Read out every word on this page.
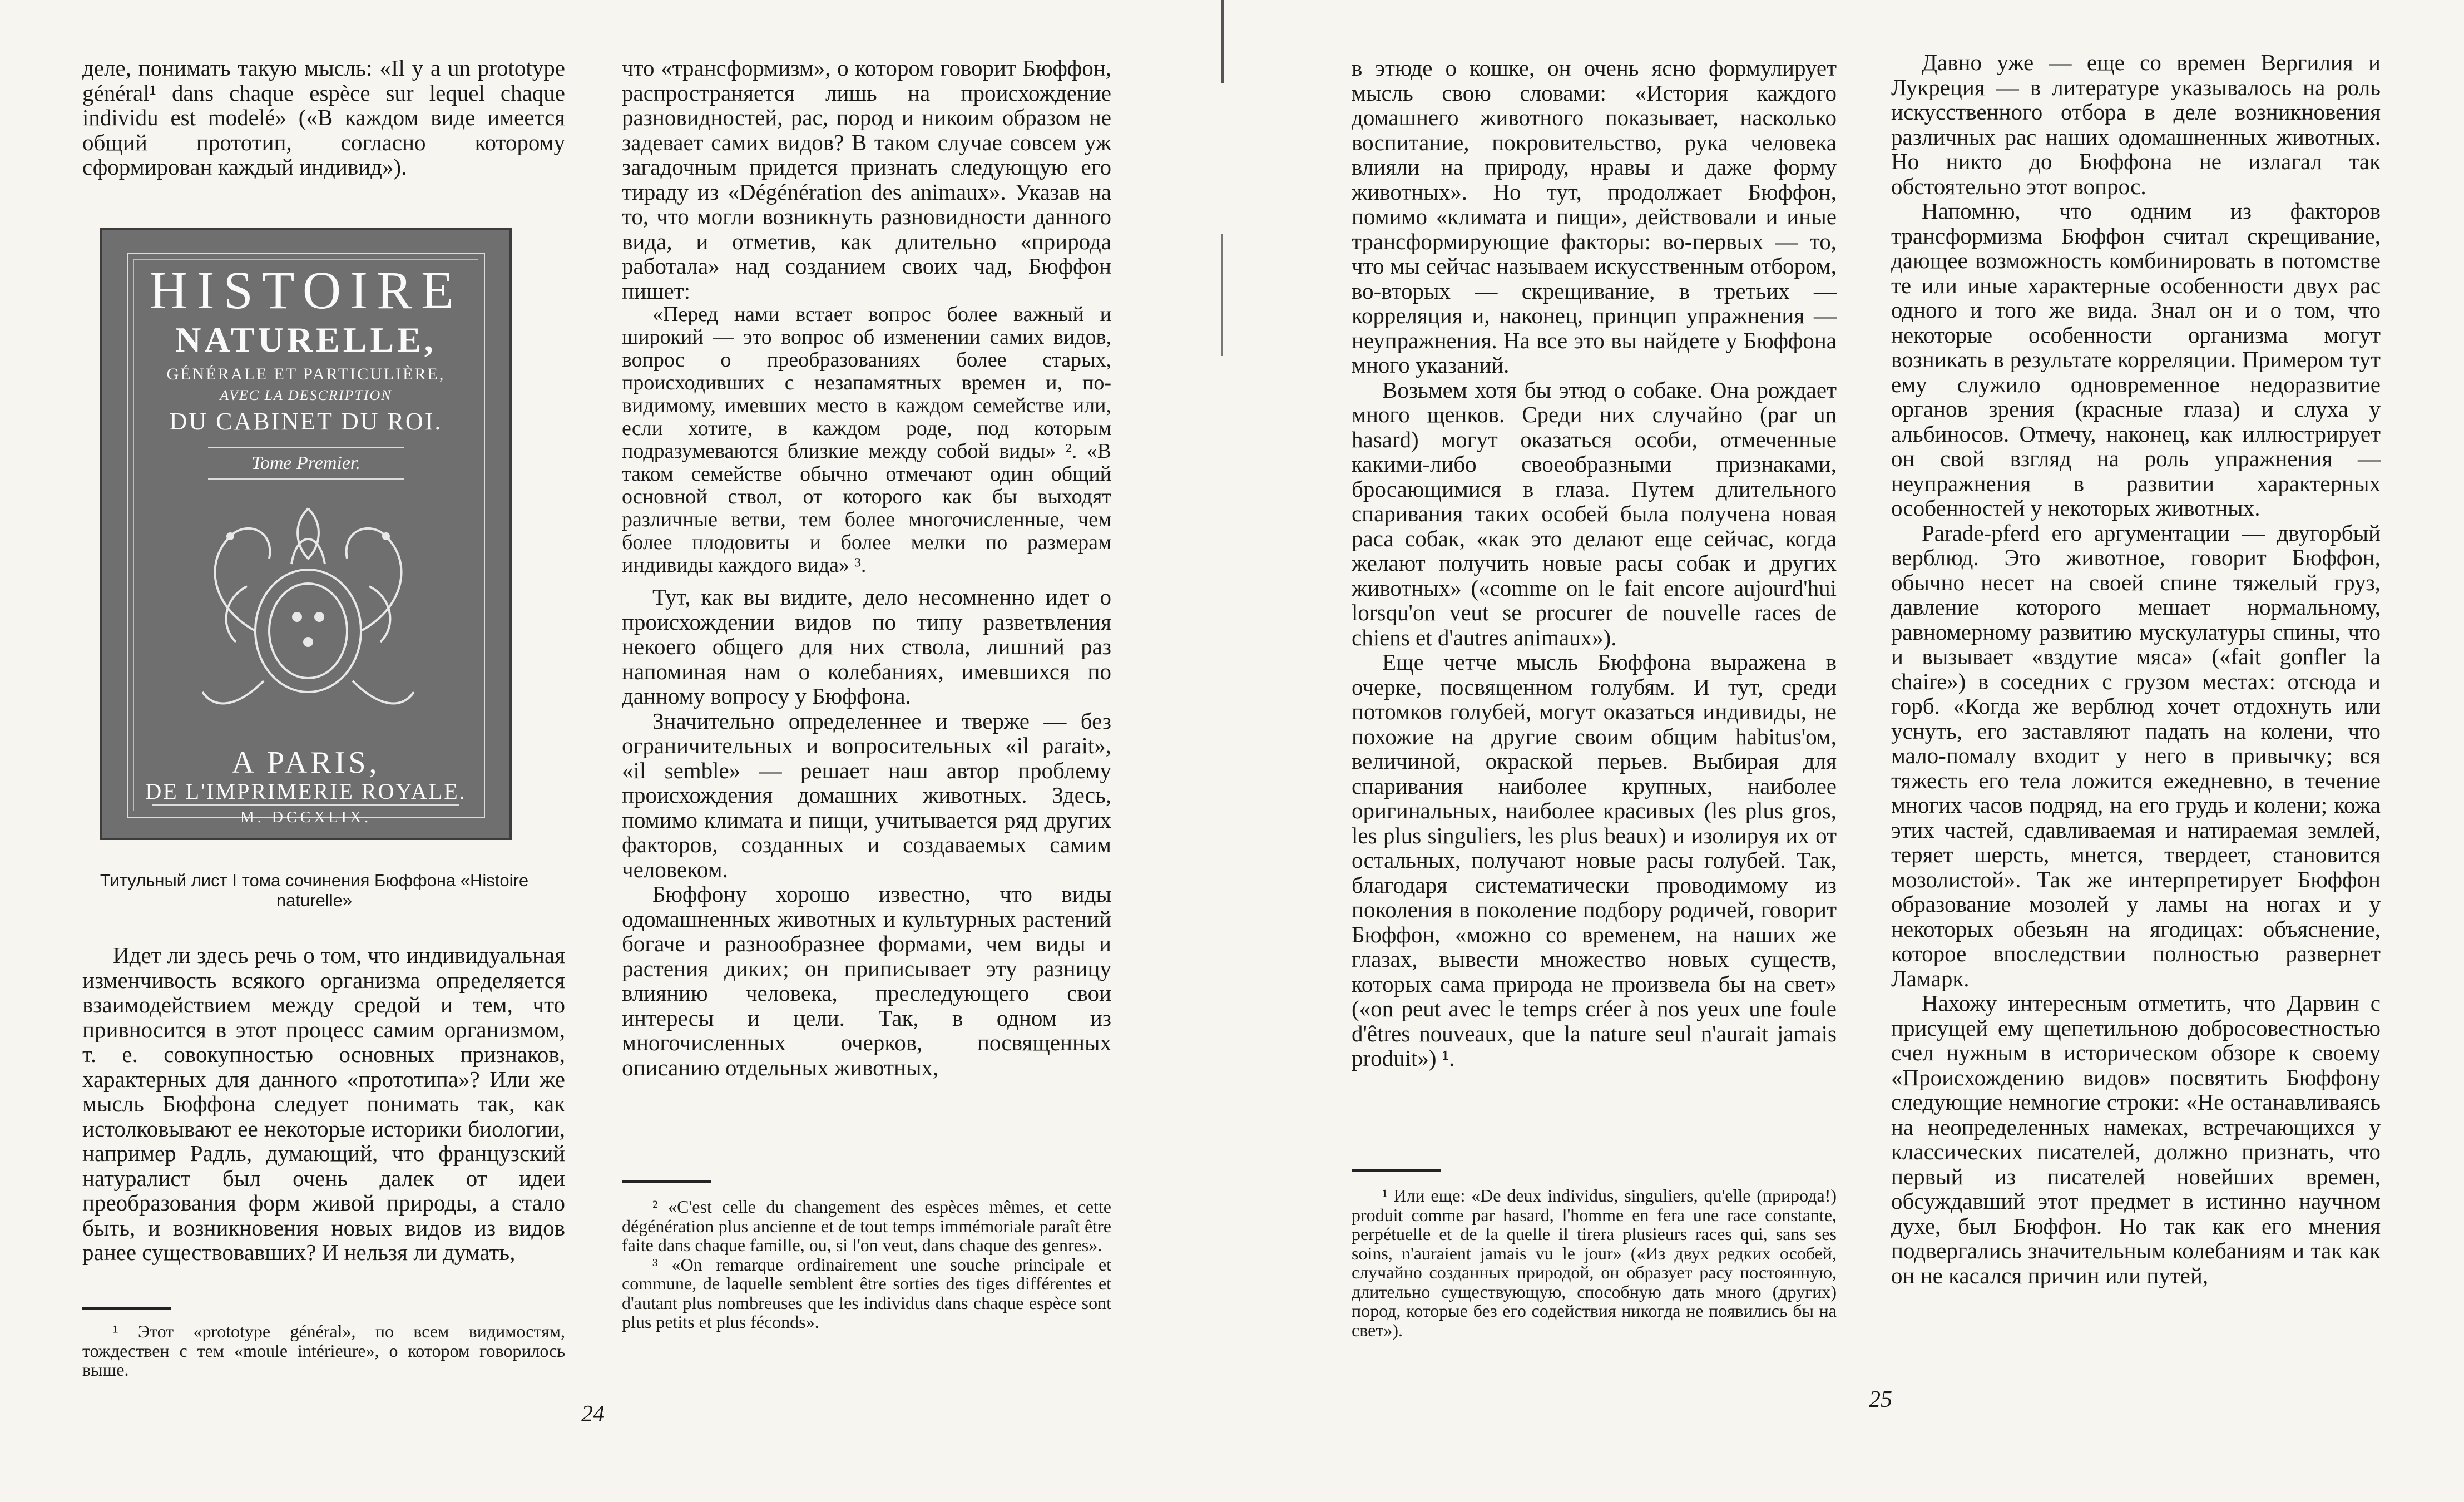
деле, понимать такую мысль: «Il y a un prototype général¹ dans chaque espèce sur lequel chaque individu est modelé» («В каждом виде имеется общий прототип, согласно которому сформирован каждый индивид»).

HISTOIRE
NATURELLE,
GÉNÉRALE ET PARTICULIÈRE,
AVEC LA DESCRIPTION
DU CABINET DU ROI.
Tome Premier.
A PARIS,
DE L'IMPRIMERIE ROYALE.
M. DCCXLIX.
Титульный лист I тома сочинения Бюффона «Histoire naturelle»

Идет ли здесь речь о том, что индивидуальная изменчивость всякого организма определяется взаимодействием между средой и тем, что привносится в этот процесс самим организмом, т. е. совокупностью основных признаков, характерных для данного «прототипа»? Или же мысль Бюффона следует понимать так, как истолковывают ее некоторые историки биологии, например Радль, думающий, что французский натуралист был очень далек от идеи преобразования форм живой природы, а стало быть, и возникновения новых видов из видов ранее существовавших? И нельзя ли думать,

¹ Этот «prototype général», по всем видимостям, тождествен с тем «moule intérieure», о котором говорилось выше.

что «трансформизм», о котором говорит Бюффон, распространяется лишь на происхождение разновидностей, рас, пород и никоим образом не задевает самих видов? В таком случае совсем уж загадочным придется признать следующую его тираду из «Dégénération des animaux». Указав на то, что могли возникнуть разновидности данного вида, и отметив, как длительно «природа работала» над созданием своих чад, Бюффон пишет:

«Перед нами встает вопрос более важный и широкий — это вопрос об изменении самих видов, вопрос о преобразованиях более старых, происходивших с незапамятных времен и, по-видимому, имевших место в каждом семействе или, если хотите, в каждом роде, под которым подразумеваются близкие между собой виды» ². «В таком семействе обычно отмечают один общий основной ствол, от которого как бы выходят различные ветви, тем более многочисленные, чем более плодовиты и более мелки по размерам индивиды каждого вида» ³.

Тут, как вы видите, дело несомненно идет о происхождении видов по типу разветвления некоего общего для них ствола, лишний раз напоминая нам о колебаниях, имевшихся по данному вопросу у Бюффона.

Значительно определеннее и тверже — без ограничительных и вопросительных «il parait», «il semble» — решает наш автор проблему происхождения домашних животных. Здесь, помимо климата и пищи, учитывается ряд других факторов, созданных и создаваемых самим человеком.

Бюффону хорошо известно, что виды одомашненных животных и культурных растений богаче и разнообразнее формами, чем виды и растения диких; он приписывает эту разницу влиянию человека, преследующего свои интересы и цели. Так, в одном из многочисленных очерков, посвященных описанию отдельных животных,

² «C'est celle du changement des espèces mêmes, et cette dégénération plus ancienne et de tout temps immémoriale paraît être faite dans chaque famille, ou, si l'on veut, dans chaque des genres».

³ «On remarque ordinairement une souche principale et commune, de laquelle semblent être sorties des tiges différentes et d'autant plus nombreuses que les individus dans chaque espèce sont plus petits et plus féconds».

24

в этюде о кошке, он очень ясно формулирует мысль свою словами: «История каждого домашнего животного показывает, насколько воспитание, покровительство, рука человека влияли на природу, нравы и даже форму животных». Но тут, продолжает Бюффон, помимо «климата и пищи», действовали и иные трансформирующие факторы: во-первых — то, что мы сейчас называем искусственным отбором, во-вторых — скрещивание, в третьих — корреляция и, наконец, принцип упражнения — неупражнения. На все это вы найдете у Бюффона много указаний.

Возьмем хотя бы этюд о собаке. Она рождает много щенков. Среди них случайно (par un hasard) могут оказаться особи, отмеченные какими-либо своеобразными признаками, бросающимися в глаза. Путем длительного спаривания таких особей была получена новая раса собак, «как это делают еще сейчас, когда желают получить новые расы собак и других животных» («comme on le fait encore aujourd'hui lorsqu'on veut se procurer de nouvelle races de chiens et d'autres animaux»).

Еще четче мысль Бюффона выражена в очерке, посвященном голубям. И тут, среди потомков голубей, могут оказаться индивиды, не похожие на другие своим общим habitus'ом, величиной, окраской перьев. Выбирая для спаривания наиболее крупных, наиболее оригинальных, наиболее красивых (les plus gros, les plus singuliers, les plus beaux) и изолируя их от остальных, получают новые расы голубей. Так, благодаря систематически проводимому из поколения в поколение подбору родичей, говорит Бюффон, «можно со временем, на наших же глазах, вывести множество новых существ, которых сама природа не произвела бы на свет» («on peut avec le temps créer à nos yeux une foule d'êtres nouveaux, que la nature seul n'aurait jamais produit») ¹.

¹ Или еще: «De deux individus, singuliers, qu'elle (природа!) produit comme par hasard, l'homme en fera une race constante, perpétuelle et de la quelle il tirera plusieurs races qui, sans ses soins, n'auraient jamais vu le jour» («Из двух редких особей, случайно созданных природой, он образует расу постоянную, длительно существующую, способную дать много (других) пород, которые без его содействия никогда не появились бы на свет»).

25

Давно уже — еще со времен Вергилия и Лукреция — в литературе указывалось на роль искусственного отбора в деле возникновения различных рас наших одомашненных животных. Но никто до Бюффона не излагал так обстоятельно этот вопрос.

Напомню, что одним из факторов трансформизма Бюффон считал скрещивание, дающее возможность комбинировать в потомстве те или иные характерные особенности двух рас одного и того же вида. Знал он и о том, что некоторые особенности организма могут возникать в результате корреляции. Примером тут ему служило одновременное недоразвитие органов зрения (красные глаза) и слуха у альбиносов. Отмечу, наконец, как иллюстрирует он свой взгляд на роль упражнения — неупражнения в развитии характерных особенностей у некоторых животных.

Parade-pferd его аргументации — двугорбый верблюд. Это животное, говорит Бюффон, обычно несет на своей спине тяжелый груз, давление которого мешает нормальному, равномерному развитию мускулатуры спины, что и вызывает «вздутие мяса» («fait gonfler la chaire») в соседних с грузом местах: отсюда и горб. «Когда же верблюд хочет отдохнуть или уснуть, его заставляют падать на колени, что мало-помалу входит у него в привычку; вся тяжесть его тела ложится ежедневно, в течение многих часов подряд, на его грудь и колени; кожа этих частей, сдавливаемая и натираемая землей, теряет шерсть, мнется, твердеет, становится мозолистой». Так же интерпретирует Бюффон образование мозолей у ламы на ногах и у некоторых обезьян на ягодицах: объяснение, которое впоследствии полностью развернет Ламарк.

Нахожу интересным отметить, что Дарвин с присущей ему щепетильною добросовестностью счел нужным в историческом обзоре к своему «Происхождению видов» посвятить Бюффону следующие немногие строки: «Не останавливаясь на неопределенных намеках, встречающихся у классических писателей, должно признать, что первый из писателей новейших времен, обсуждавший этот предмет в истинно научном духе, был Бюффон. Но так как его мнения подвергались значительным колебаниям и так как он не касался причин или путей,
